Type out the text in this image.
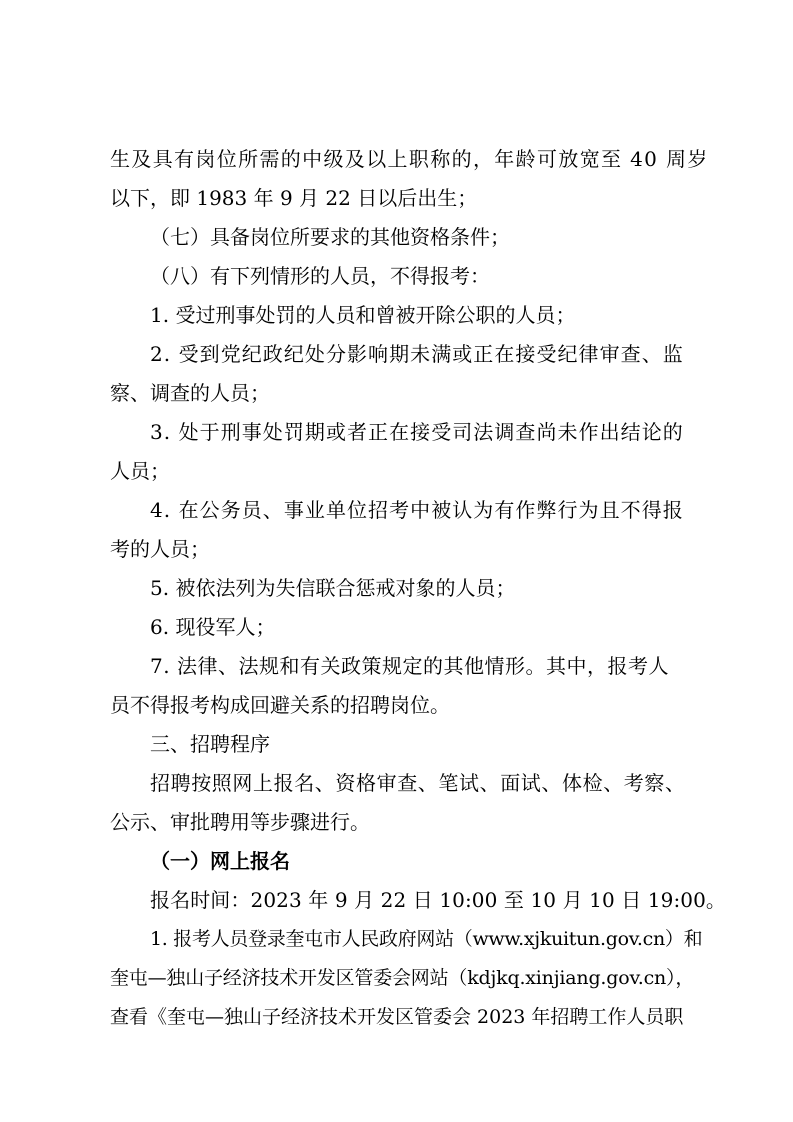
生及具有岗位所需的中级及以上职称的，年龄可放宽至 40 周岁
以下，即 1983 年 9 月 22 日以后出生；
（七）具备岗位所要求的其他资格条件；
（八）有下列情形的人员，不得报考：
1. 受过刑事处罚的人员和曾被开除公职的人员；
2. 受到党纪政纪处分影响期未满或正在接受纪律审查、监
察、调查的人员；
3. 处于刑事处罚期或者正在接受司法调查尚未作出结论的
人员；
4. 在公务员、事业单位招考中被认为有作弊行为且不得报
考的人员；
5. 被依法列为失信联合惩戒对象的人员；
6. 现役军人；
7. 法律、法规和有关政策规定的其他情形。其中，报考人
员不得报考构成回避关系的招聘岗位。
三、招聘程序
招聘按照网上报名、资格审查、笔试、面试、体检、考察、
公示、审批聘用等步骤进行。
（一）网上报名
报名时间：2023 年 9 月 22 日 10:00 至 10 月 10 日 19:00。
1. 报考人员登录奎屯市人民政府网站（www.xjkuitun.gov.cn）和
奎屯—独山子经济技术开发区管委会网站（kdjkq.xinjiang.gov.cn），
查看《奎屯—独山子经济技术开发区管委会 2023 年招聘工作人员职
